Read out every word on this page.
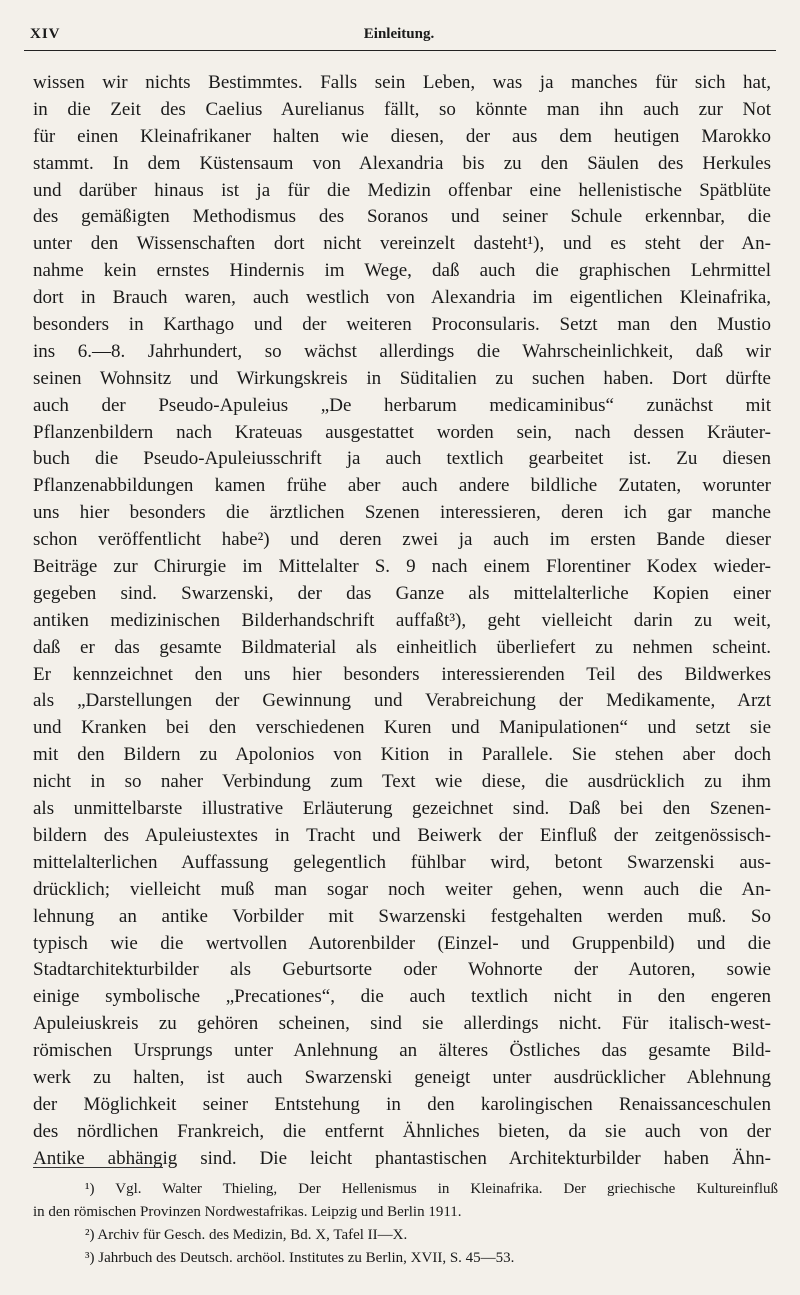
XIV	Einleitung.
wissen wir nichts Bestimmtes. Falls sein Leben, was ja manches für sich hat,
in die Zeit des Caelius Aurelianus fällt, so könnte man ihn auch zur Not
für einen Kleinafrikaner halten wie diesen, der aus dem heutigen Marokko
stammt. In dem Küstensaum von Alexandria bis zu den Säulen des Herkules
und darüber hinaus ist ja für die Medizin offenbar eine hellenistische Spätblüte
des gemäßigten Methodismus des Soranos und seiner Schule erkennbar, die
unter den Wissenschaften dort nicht vereinzelt dasteht¹), und es steht der An-
nahme kein ernstes Hindernis im Wege, daß auch die graphischen Lehrmittel
dort in Brauch waren, auch westlich von Alexandria im eigentlichen Kleinafrika,
besonders in Karthago und der weiteren Proconsularis. Setzt man den Mustio
ins 6.—8. Jahrhundert, so wächst allerdings die Wahrscheinlichkeit, daß wir
seinen Wohnsitz und Wirkungskreis in Süditalien zu suchen haben. Dort dürfte
auch der Pseudo-Apuleius „De herbarum medicaminibus“ zunächst mit
Pflanzenbildern nach Krateuas ausgestattet worden sein, nach dessen Kräuter-
buch die Pseudo-Apuleiusschrift ja auch textlich gearbeitet ist. Zu diesen
Pflanzenabbildungen kamen frühe aber auch andere bildliche Zutaten, worunter
uns hier besonders die ärztlichen Szenen interessieren, deren ich gar manche
schon veröffentlicht habe²) und deren zwei ja auch im ersten Bande dieser
Beiträge zur Chirurgie im Mittelalter S. 9 nach einem Florentiner Kodex wieder-
gegeben sind. Swarzenski, der das Ganze als mittelalterliche Kopien einer
antiken medizinischen Bilderhandschrift auffaßt³), geht vielleicht darin zu weit,
daß er das gesamte Bildmaterial als einheitlich überliefert zu nehmen scheint.
Er kennzeichnet den uns hier besonders interessierenden Teil des Bildwerkes
als „Darstellungen der Gewinnung und Verabreichung der Medikamente, Arzt
und Kranken bei den verschiedenen Kuren und Manipulationen“ und setzt sie
mit den Bildern zu Apolonios von Kition in Parallele. Sie stehen aber doch
nicht in so naher Verbindung zum Text wie diese, die ausdrücklich zu ihm
als unmittelbarste illustrative Erläuterung gezeichnet sind. Daß bei den Szenen-
bildern des Apuleiustextes in Tracht und Beiwerk der Einfluß der zeitgenössisch-
mittelalterlichen Auffassung gelegentlich fühlbar wird, betont Swarzenski aus-
drücklich; vielleicht muß man sogar noch weiter gehen, wenn auch die An-
lehnung an antike Vorbilder mit Swarzenski festgehalten werden muß. So
typisch wie die wertvollen Autorenbilder (Einzel- und Gruppenbild) und die
Stadtarchitekturbilder als Geburtsorte oder Wohnorte der Autoren, sowie
einige symbolische „Precationes“, die auch textlich nicht in den engeren
Apuleiuskreis zu gehören scheinen, sind sie allerdings nicht. Für italisch-west-
römischen Ursprungs unter Anlehnung an älteres Östliches das gesamte Bild-
werk zu halten, ist auch Swarzenski geneigt unter ausdrücklicher Ablehnung
der Möglichkeit seiner Entstehung in den karolingischen Renaissanceschulen
des nördlichen Frankreich, die entfernt Ähnliches bieten, da sie auch von der
Antike abhängig sind. Die leicht phantastischen Architekturbilder haben Ähn-
¹) Vgl. Walter Thieling, Der Hellenismus in Kleinafrika. Der griechische Kultureinfluß
in den römischen Provinzen Nordwestafrikas. Leipzig und Berlin 1911.
²) Archiv für Gesch. des Medizin, Bd. X, Tafel II—X.
³) Jahrbuch des Deutsch. archöol. Institutes zu Berlin, XVII, S. 45—53.
